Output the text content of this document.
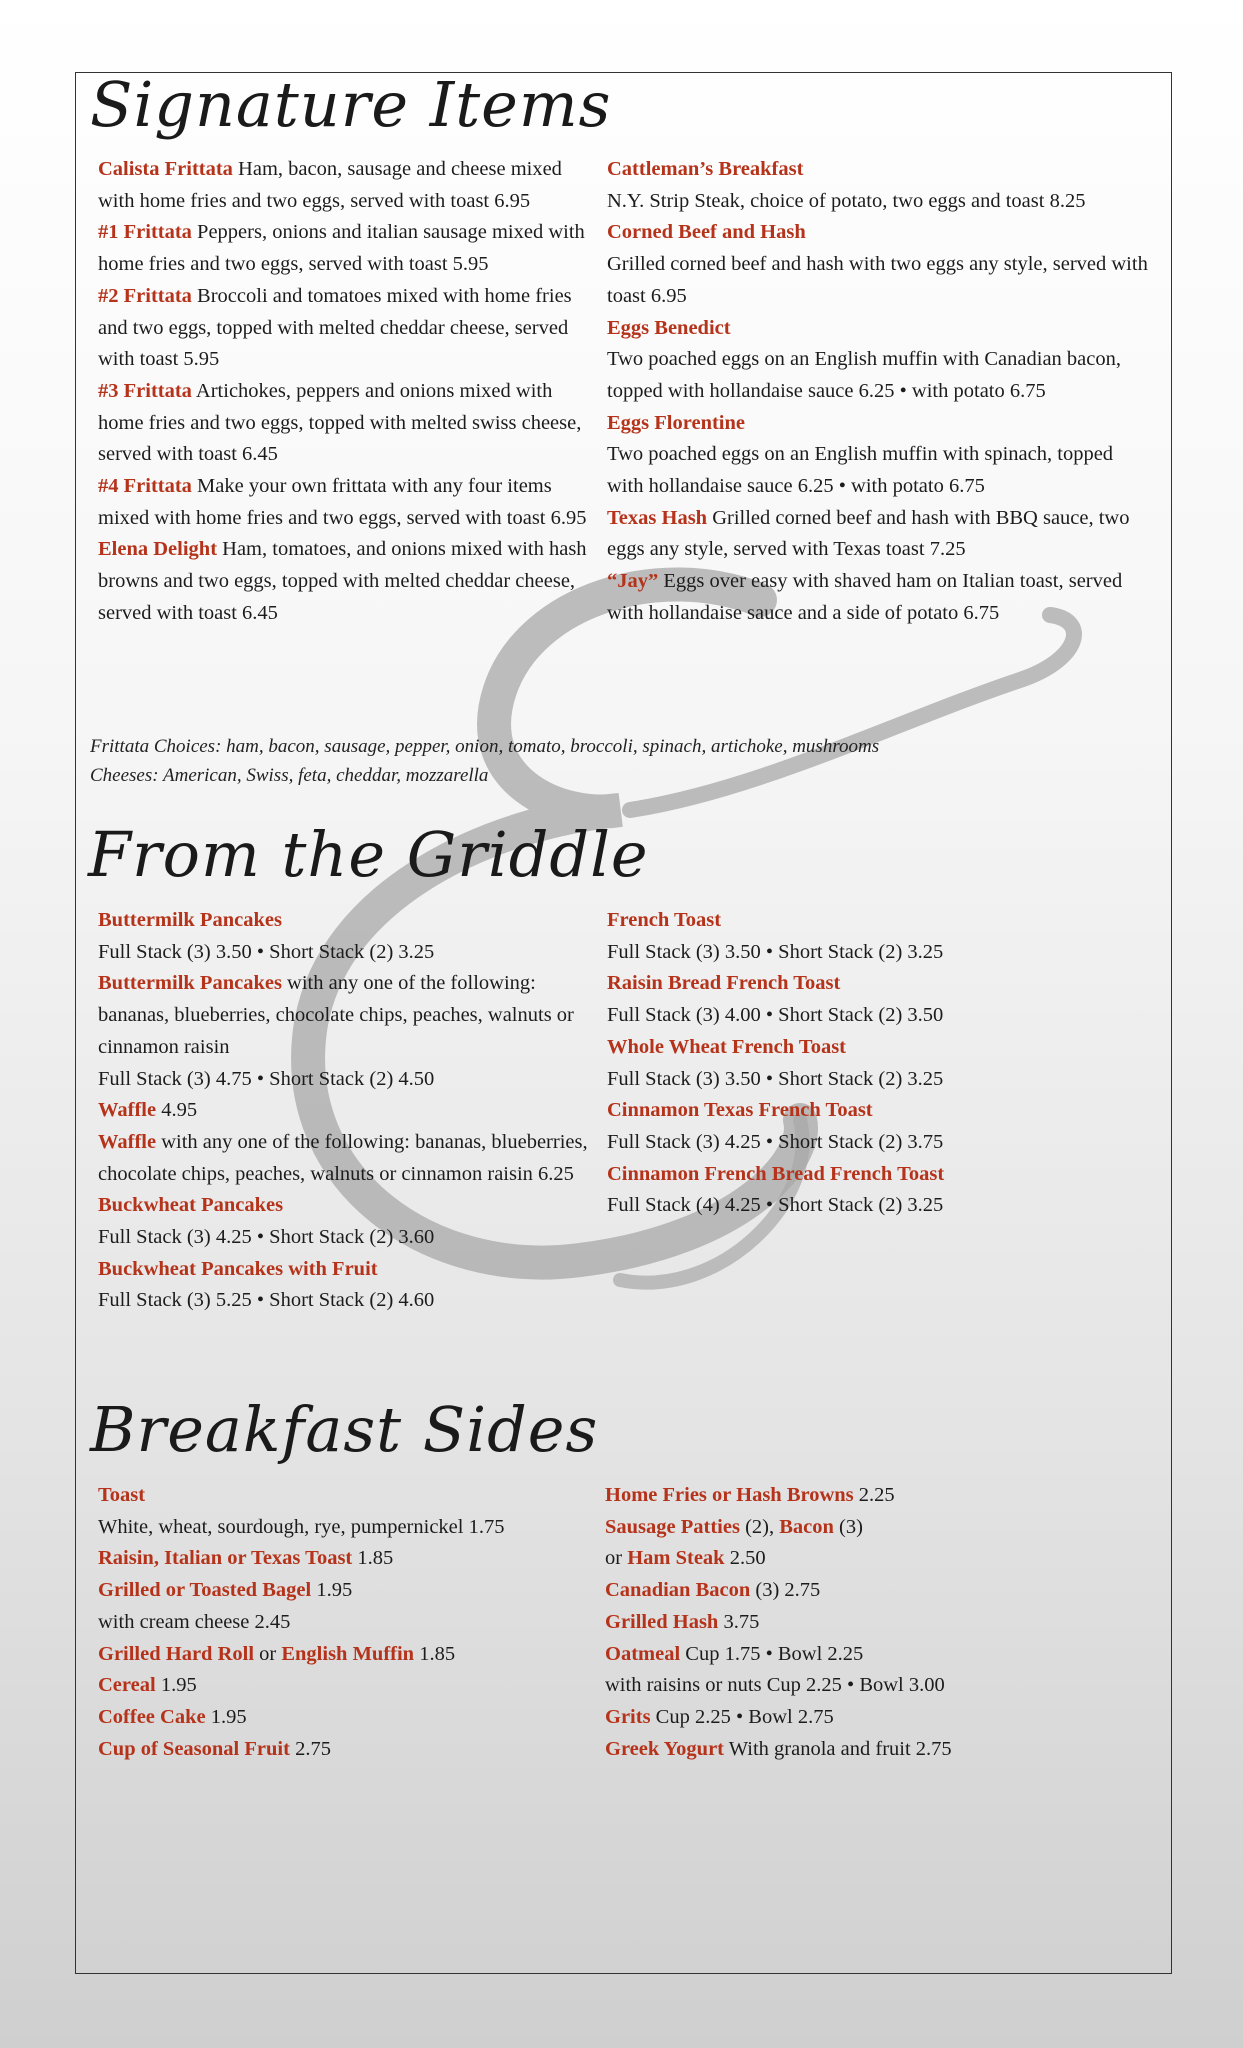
Signature Items

Calista Frittata Ham, bacon, sausage and cheese mixed with home fries and two eggs, served with toast 6.95

#1 Frittata Peppers, onions and italian sausage mixed with home fries and two eggs, served with toast 5.95

#2 Frittata Broccoli and tomatoes mixed with home fries and two eggs, topped with melted cheddar cheese, served with toast 5.95

#3 Frittata Artichokes, peppers and onions mixed with home fries and two eggs, topped with melted swiss cheese, served with toast 6.45

#4 Frittata Make your own frittata with any four items mixed with home fries and two eggs, served with toast 6.95

Elena Delight Ham, tomatoes, and onions mixed with hash browns and two eggs, topped with melted cheddar cheese, served with toast 6.45

Cattleman’s Breakfast
N.Y. Strip Steak, choice of potato, two eggs and toast 8.25

Corned Beef and Hash
Grilled corned beef and hash with two eggs any style, served with toast 6.95

Eggs Benedict
Two poached eggs on an English muffin with Canadian bacon, topped with hollandaise sauce 6.25 • with potato 6.75

Eggs Florentine
Two poached eggs on an English muffin with spinach, topped with hollandaise sauce 6.25 • with potato 6.75

Texas Hash Grilled corned beef and hash with BBQ sauce, two eggs any style, served with Texas toast 7.25

“Jay” Eggs over easy with shaved ham on Italian toast, served with hollandaise sauce and a side of potato 6.75

Frittata Choices: ham, bacon, sausage, pepper, onion, tomato, broccoli, spinach, artichoke, mushrooms

Cheeses: American, Swiss, feta, cheddar, mozzarella

From the Griddle

Buttermilk Pancakes
Full Stack (3) 3.50 • Short Stack (2) 3.25

Buttermilk Pancakes with any one of the following: bananas, blueberries, chocolate chips, peaches, walnuts or cinnamon raisin
Full Stack (3) 4.75 • Short Stack (2) 4.50

Waffle 4.95

Waffle with any one of the following: bananas, blueberries, chocolate chips, peaches, walnuts or cinnamon raisin 6.25

Buckwheat Pancakes
Full Stack (3) 4.25 • Short Stack (2) 3.60

Buckwheat Pancakes with Fruit
Full Stack (3) 5.25 • Short Stack (2) 4.60

French Toast
Full Stack (3) 3.50 • Short Stack (2) 3.25

Raisin Bread French Toast
Full Stack (3) 4.00 • Short Stack (2) 3.50

Whole Wheat French Toast
Full Stack (3) 3.50 • Short Stack (2) 3.25

Cinnamon Texas French Toast
Full Stack (3) 4.25 • Short Stack (2) 3.75

Cinnamon French Bread French Toast
Full Stack (4) 4.25 • Short Stack (2) 3.25

Breakfast Sides

Toast
White, wheat, sourdough, rye, pumpernickel 1.75

Raisin, Italian or Texas Toast 1.85

Grilled or Toasted Bagel 1.95
with cream cheese 2.45

Grilled Hard Roll or English Muffin 1.85

Cereal 1.95

Coffee Cake 1.95

Cup of Seasonal Fruit 2.75

Home Fries or Hash Browns 2.25

Sausage Patties (2), Bacon (3)
or Ham Steak 2.50

Canadian Bacon (3) 2.75

Grilled Hash 3.75

Oatmeal Cup 1.75 • Bowl 2.25
with raisins or nuts Cup 2.25 • Bowl 3.00

Grits Cup 2.25 • Bowl 2.75

Greek Yogurt With granola and fruit 2.75
